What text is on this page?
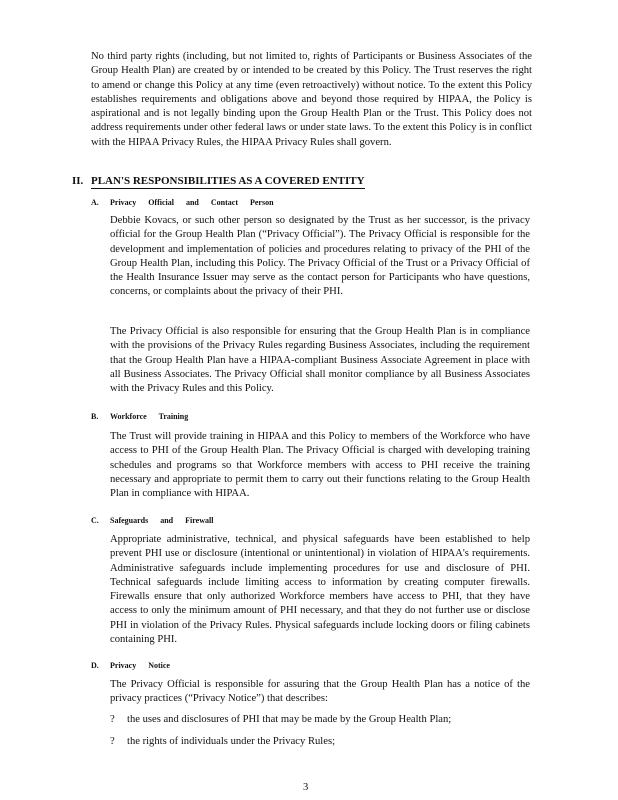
No third party rights (including, but not limited to, rights of Participants or Business Associates of the Group Health Plan) are created by or intended to be created by this Policy. The Trust reserves the right to amend or change this Policy at any time (even retroactively) without notice. To the extent this Policy establishes requirements and obligations above and beyond those required by HIPAA, the Policy is aspirational and is not legally binding upon the Group Health Plan or the Trust. This Policy does not address requirements under other federal laws or under state laws. To the extent this Policy is in conflict with the HIPAA Privacy Rules, the HIPAA Privacy Rules shall govern.

II. PLAN'S RESPONSIBILITIES AS A COVERED ENTITY
A. Privacy Official and Contact Person

Debbie Kovacs, or such other person so designated by the Trust as her successor, is the privacy official for the Group Health Plan (“Privacy Official”). The Privacy Official is responsible for the development and implementation of policies and procedures relating to privacy of the PHI of the Group Health Plan, including this Policy. The Privacy Official of the Trust or a Privacy Official of the Health Insurance Issuer may serve as the contact person for Participants who have questions, concerns, or complaints about the privacy of their PHI.

The Privacy Official is also responsible for ensuring that the Group Health Plan is in compliance with the provisions of the Privacy Rules regarding Business Associates, including the requirement that the Group Health Plan have a HIPAA-compliant Business Associate Agreement in place with all Business Associates. The Privacy Official shall monitor compliance by all Business Associates with the Privacy Rules and this Policy.

B. Workforce Training

The Trust will provide training in HIPAA and this Policy to members of the Workforce who have access to PHI of the Group Health Plan. The Privacy Official is charged with developing training schedules and programs so that Workforce members with access to PHI receive the training necessary and appropriate to permit them to carry out their functions relating to the Group Health Plan in compliance with HIPAA.

C. Safeguards and Firewall

Appropriate administrative, technical, and physical safeguards have been established to help prevent PHI use or disclosure (intentional or unintentional) in violation of HIPAA's requirements. Administrative safeguards include implementing procedures for use and disclosure of PHI. Technical safeguards include limiting access to information by creating computer firewalls. Firewalls ensure that only authorized Workforce members have access to PHI, that they have access to only the minimum amount of PHI necessary, and that they do not further use or disclose PHI in violation of the Privacy Rules. Physical safeguards include locking doors or filing cabinets containing PHI.

D. Privacy Notice

The Privacy Official is responsible for assuring that the Group Health Plan has a notice of the privacy practices (“Privacy Notice”) that describes:

? the uses and disclosures of PHI that may be made by the Group Health Plan;
? the rights of individuals under the Privacy Rules;
3
